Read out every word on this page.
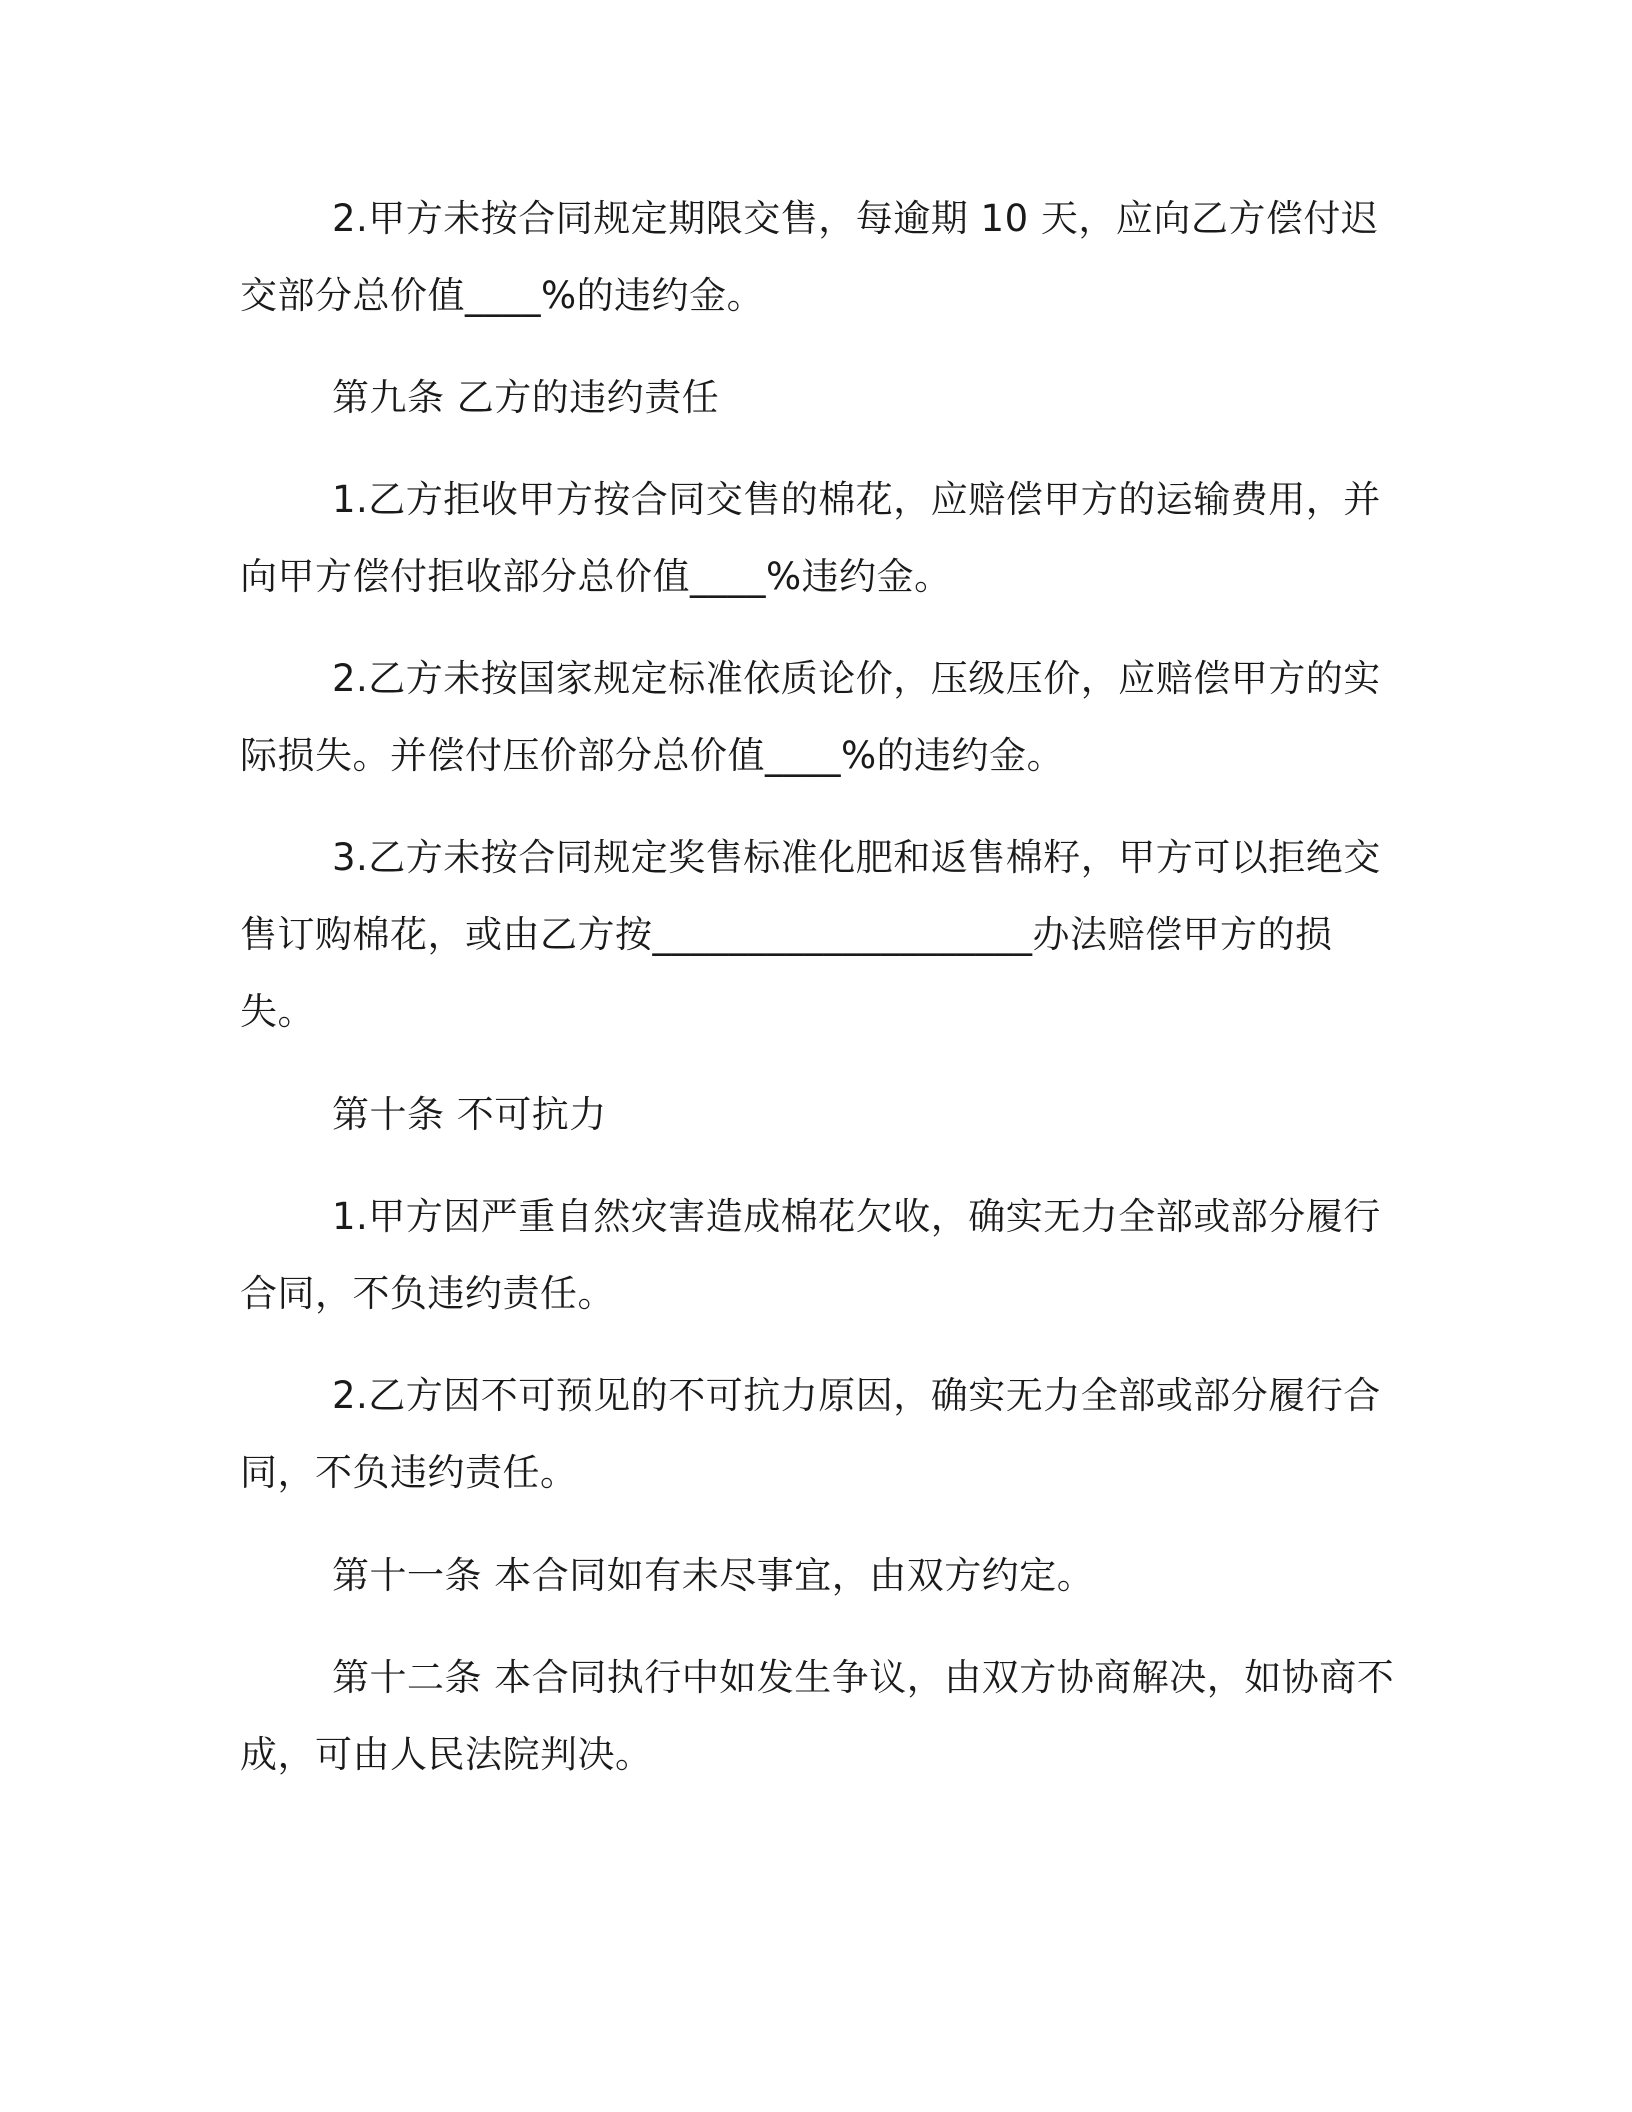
2.甲方未按合同规定期限交售，每逾期 10 天，应向乙方偿付迟
交部分总价值____%的违约金。
第九条 乙方的违约责任
1.乙方拒收甲方按合同交售的棉花，应赔偿甲方的运输费用，并
向甲方偿付拒收部分总价值____%违约金。
2.乙方未按国家规定标准依质论价，压级压价，应赔偿甲方的实
际损失。并偿付压价部分总价值____%的违约金。
3.乙方未按合同规定奖售标准化肥和返售棉籽，甲方可以拒绝交
售订购棉花，或由乙方按____________________办法赔偿甲方的损
失。
第十条 不可抗力
1.甲方因严重自然灾害造成棉花欠收，确实无力全部或部分履行
合同，不负违约责任。
2.乙方因不可预见的不可抗力原因，确实无力全部或部分履行合
同，不负违约责任。
第十一条 本合同如有未尽事宜，由双方约定。
第十二条 本合同执行中如发生争议，由双方协商解决，如协商不
成，可由人民法院判决。
